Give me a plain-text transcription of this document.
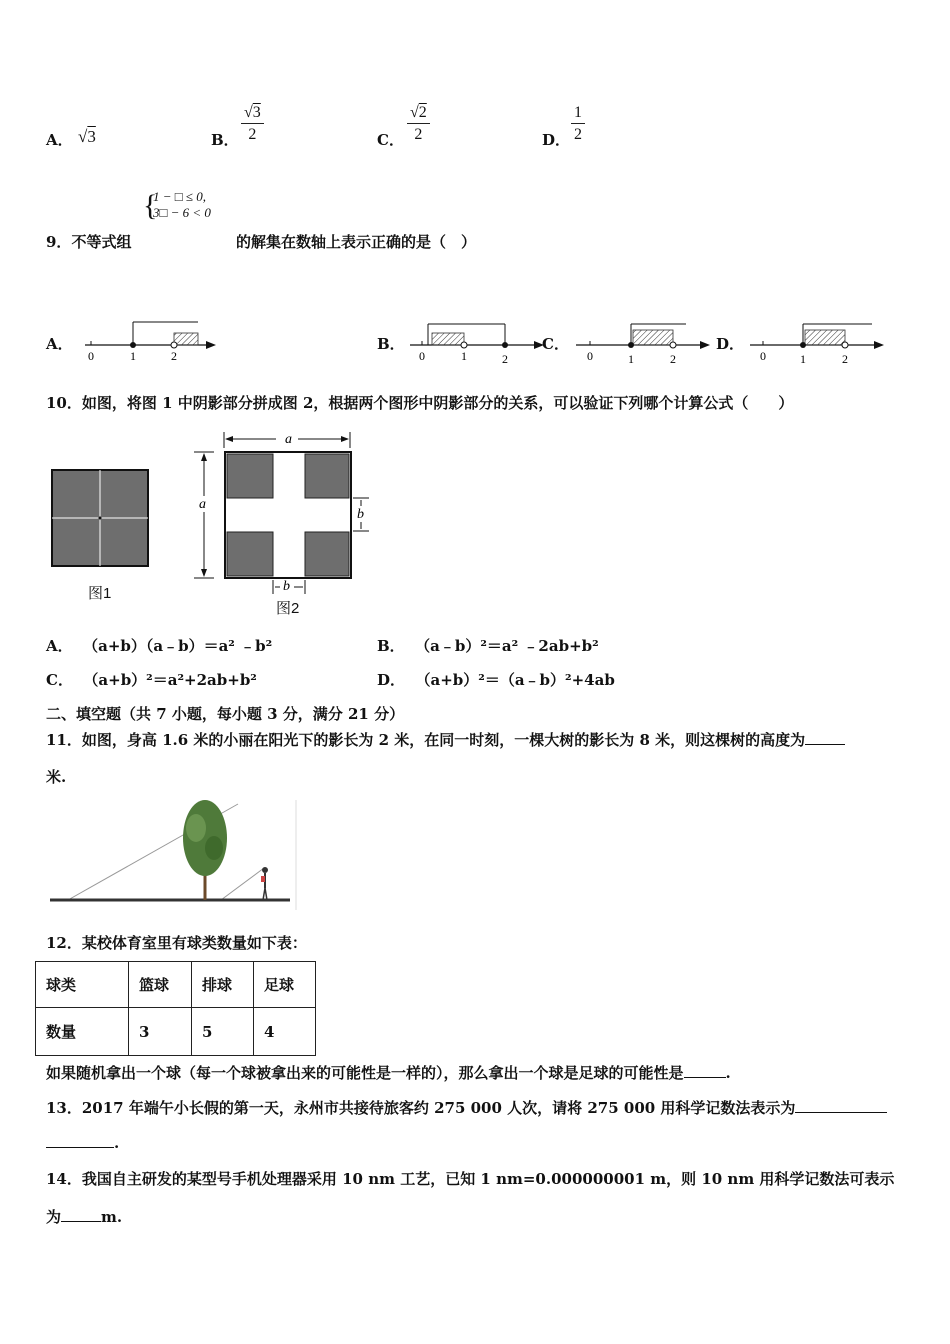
A． √3	B． $\frac{√3}{2}$	C． $\frac{√2}{2}$	D． $\frac{1}{2}$
{
1 − □ ≤ 0,
3□ − 6 < 0
9．不等式组	的解集在数轴上表示正确的是（　）
A．
0	1	2
B．
0	1	2
C．
0	1	2
D．
0	1	2
10．如图，将图 1 中阴影部分拼成图 2，根据两个图形中阴影部分的关系，可以验证下列哪个计算公式（　　）
图1
a
a
b
b
图2
A． （a+b）（a﹣b）＝a² ﹣b²	B． （a﹣b）²＝a² ﹣2ab+b²
C． （a+b）²＝a²+2ab+b²	D． （a+b）²＝（a﹣b）²+4ab
二、填空题（共 7 小题，每小题 3 分，满分 21 分）
11．如图，身高 1.6 米的小丽在阳光下的影长为 2 米，在同一时刻，一棵大树的影长为 8 米，则这棵树的高度为
米.
12．某校体育室里有球类数量如下表：
球类	篮球	排球	足球
数量	3	5	4
如果随机拿出一个球（每一个球被拿出来的可能性是一样的），那么拿出一个球是足球的可能性是	.
13．2017 年端午小长假的第一天，永州市共接待旅客约 275 000 人次，请将 275 000 用科学记数法表示为
.
14．我国自主研发的某型号手机处理器采用 10 nm 工艺，已知 1 nm=0.000000001 m，则 10 nm 用科学记数法可表示
为	m.
